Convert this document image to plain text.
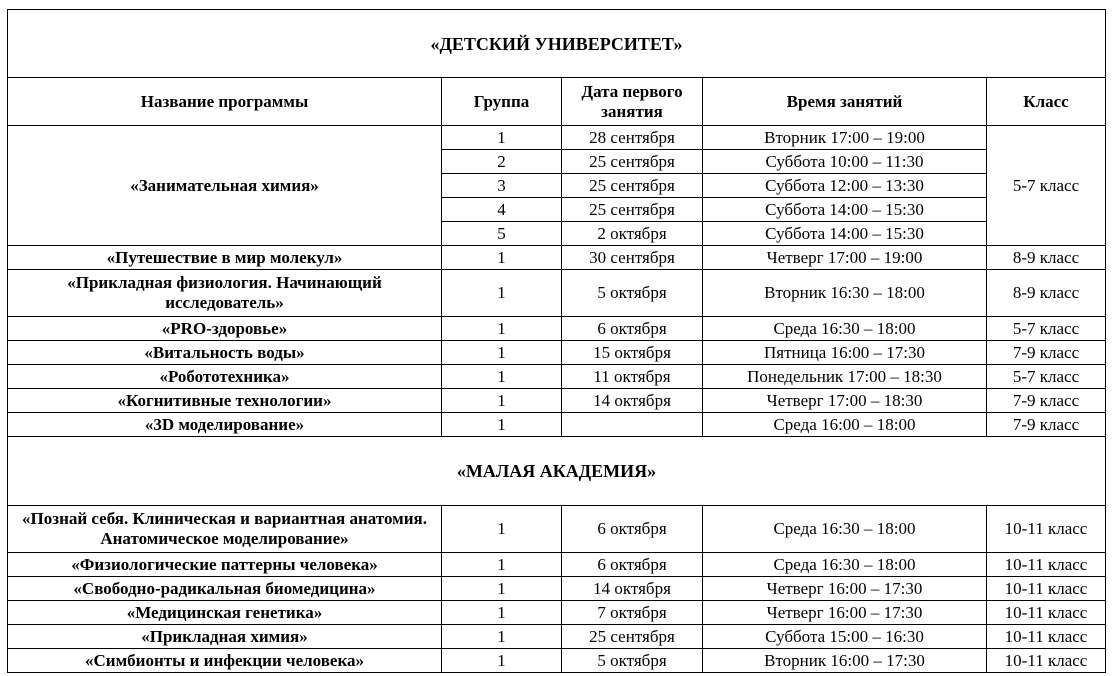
«ДЕТСКИЙ УНИВЕРСИТЕТ»				
Название программы	Группа	Дата первого занятия	Время занятий	Класс
«Занимательная химия»	1	28 сентября	Вторник 17:00 – 19:00	5-7 класс
	2	25 сентября	Суббота 10:00 – 11:30	
	3	25 сентября	Суббота 12:00 – 13:30	
	4	25 сентября	Суббота 14:00 – 15:30	
	5	2 октября	Суббота 14:00 – 15:30	
«Путешествие в мир молекул»	1	30 сентября	Четверг 17:00 – 19:00	8-9 класс
«Прикладная физиология. Начинающий исследователь»	1	5 октября	Вторник 16:30 – 18:00	8-9 класс
«PRO-здоровье»	1	6 октября	Среда 16:30 – 18:00	5-7 класс
«Витальность воды»	1	15 октября	Пятница 16:00 – 17:30	7-9 класс
«Робототехника»	1	11 октября	Понедельник 17:00 – 18:30	5-7 класс
«Когнитивные технологии»	1	14 октября	Четверг 17:00 – 18:30	7-9 класс
«3D моделирование»	1		Среда 16:00 – 18:00	7-9 класс
«МАЛАЯ АКАДЕМИЯ»				
«Познай себя. Клиническая и вариантная анатомия. Анатомическое моделирование»	1	6 октября	Среда 16:30 – 18:00	10-11 класс
«Физиологические паттерны человека»	1	6 октября	Среда 16:30 – 18:00	10-11 класс
«Свободно-радикальная биомедицина»	1	14 октября	Четверг 16:00 – 17:30	10-11 класс
«Медицинская генетика»	1	7 октября	Четверг 16:00 – 17:30	10-11 класс
«Прикладная химия»	1	25 сентября	Суббота 15:00 – 16:30	10-11 класс
«Симбионты и инфекции человека»	1	5 октября	Вторник 16:00 – 17:30	10-11 класс
